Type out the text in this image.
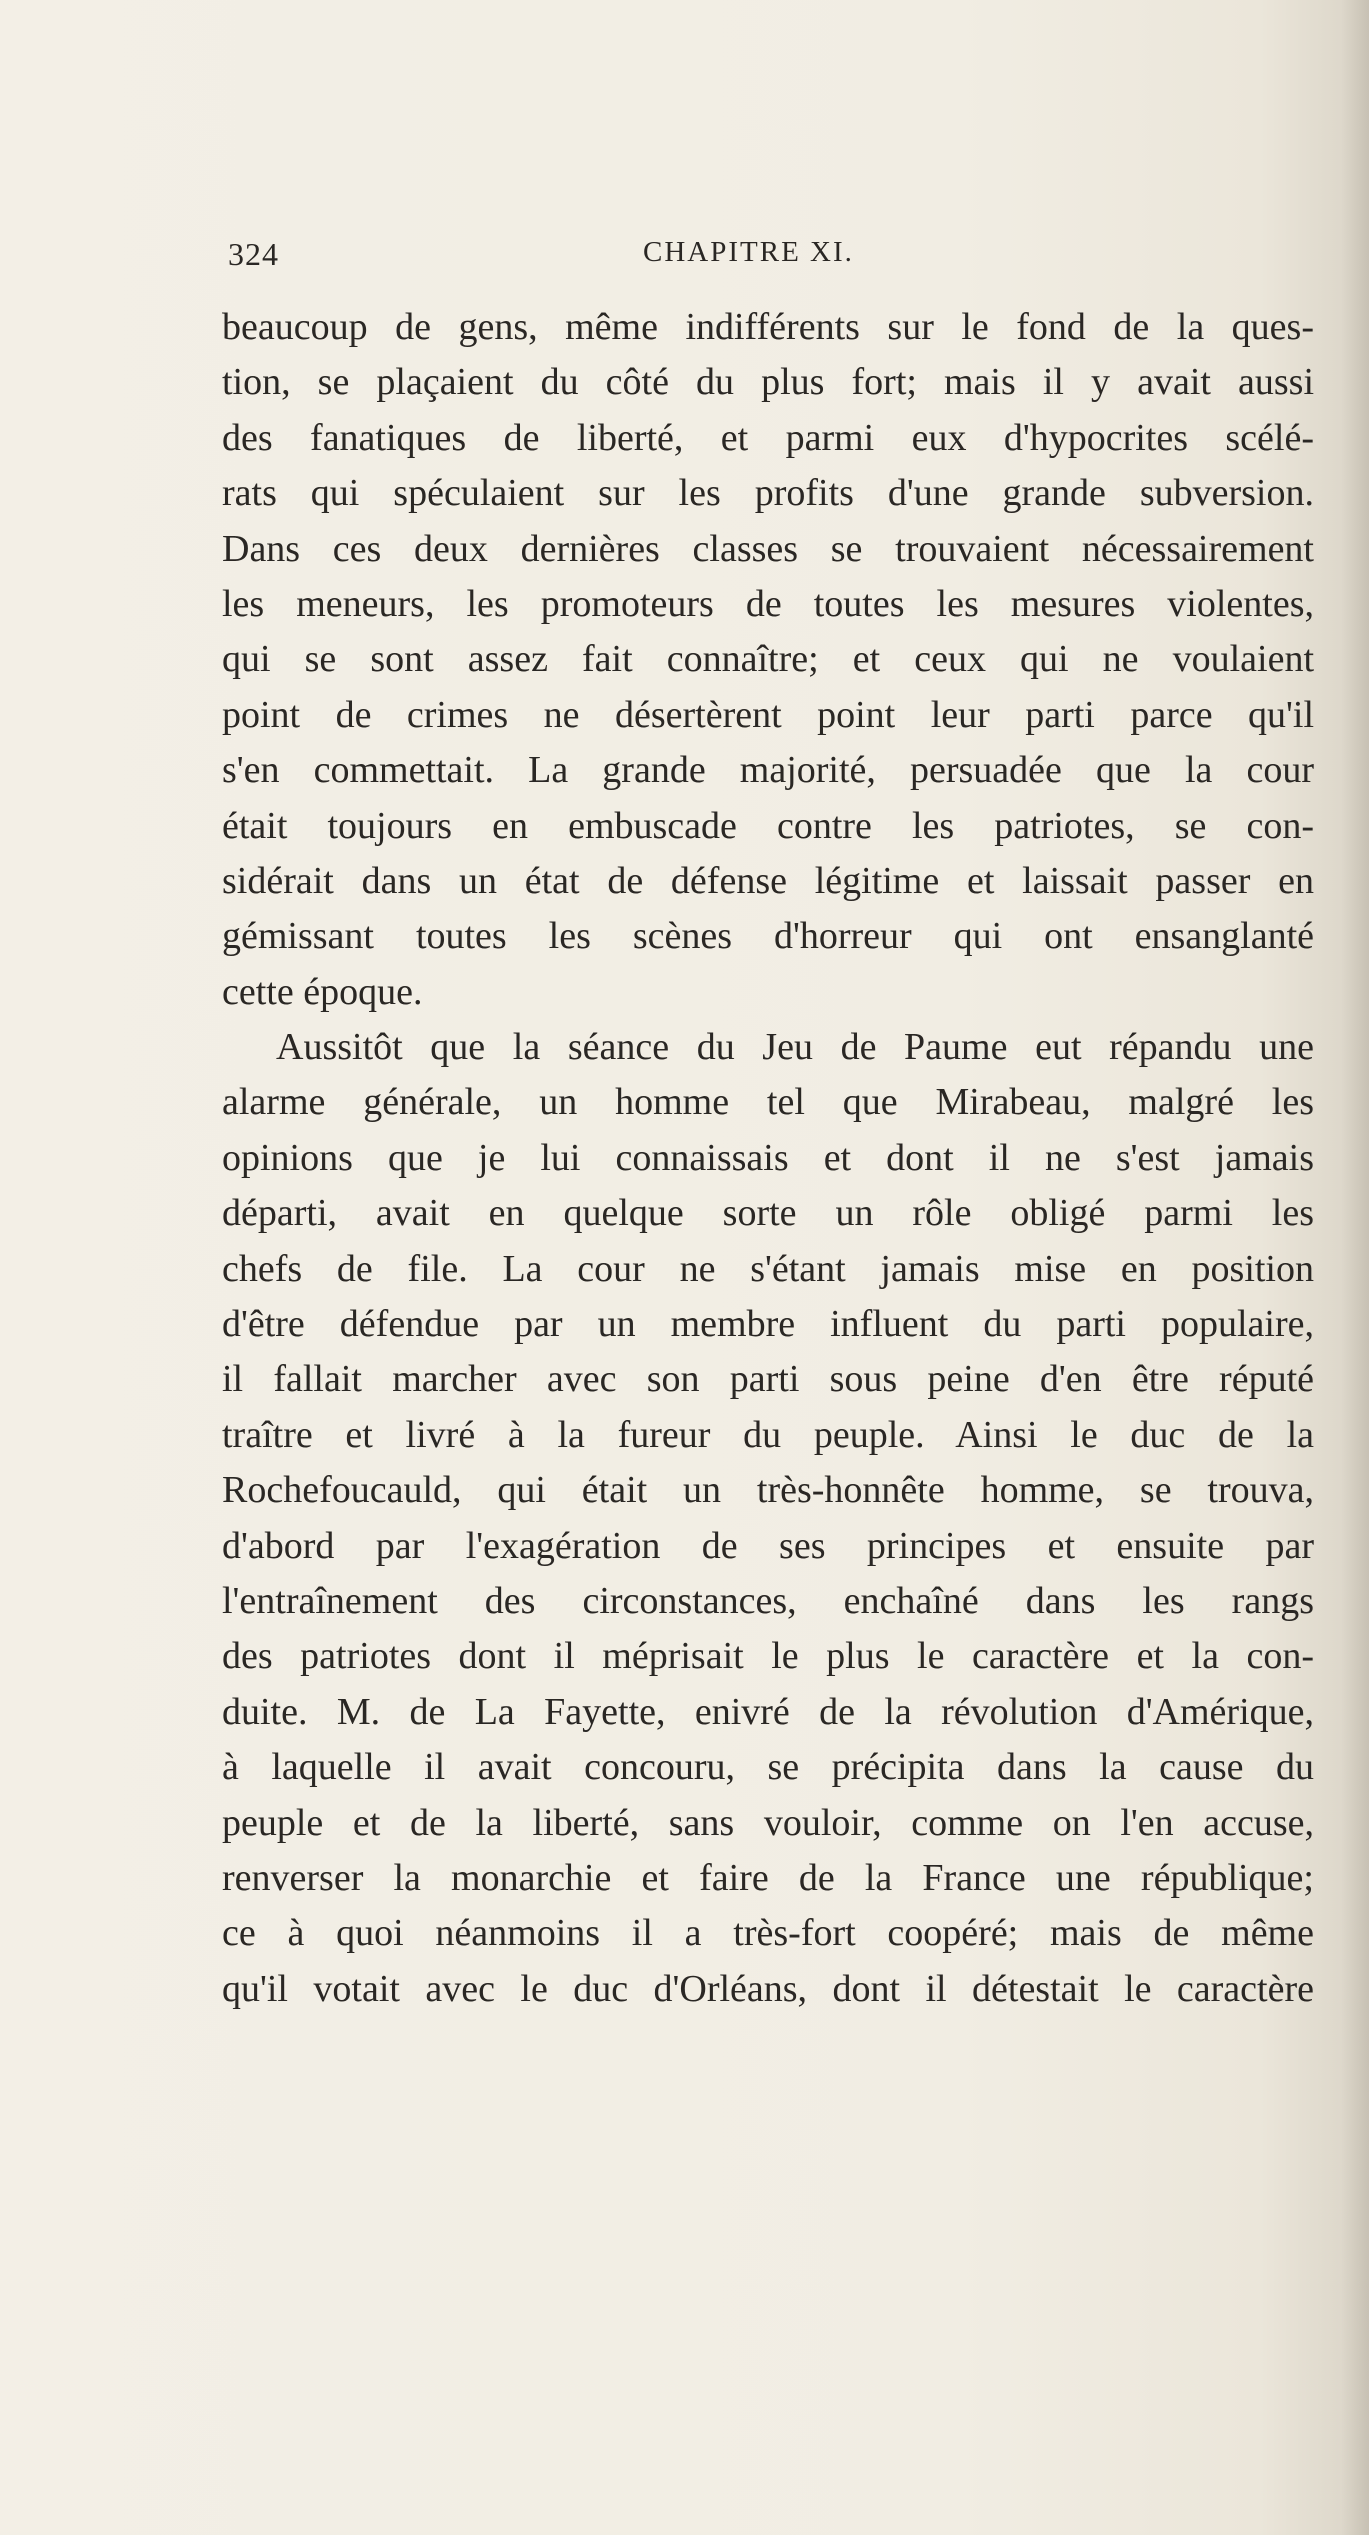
324	CHAPITRE XI.
beaucoup de gens, même indifférents sur le fond de la ques-
tion, se plaçaient du côté du plus fort; mais il y avait aussi
des fanatiques de liberté, et parmi eux d'hypocrites scélé-
rats qui spéculaient sur les profits d'une grande subversion.
Dans ces deux dernières classes se trouvaient nécessairement
les meneurs, les promoteurs de toutes les mesures violentes,
qui se sont assez fait connaître; et ceux qui ne voulaient
point de crimes ne désertèrent point leur parti parce qu'il
s'en commettait. La grande majorité, persuadée que la cour
était toujours en embuscade contre les patriotes, se con-
sidérait dans un état de défense légitime et laissait passer en
gémissant toutes les scènes d'horreur qui ont ensanglanté
cette époque.
Aussitôt que la séance du Jeu de Paume eut répandu une
alarme générale, un homme tel que Mirabeau, malgré les
opinions que je lui connaissais et dont il ne s'est jamais
départi, avait en quelque sorte un rôle obligé parmi les
chefs de file. La cour ne s'étant jamais mise en position
d'être défendue par un membre influent du parti populaire,
il fallait marcher avec son parti sous peine d'en être réputé
traître et livré à la fureur du peuple. Ainsi le duc de la
Rochefoucauld, qui était un très-honnête homme, se trouva,
d'abord par l'exagération de ses principes et ensuite par
l'entraînement des circonstances, enchaîné dans les rangs
des patriotes dont il méprisait le plus le caractère et la con-
duite. M. de La Fayette, enivré de la révolution d'Amérique,
à laquelle il avait concouru, se précipita dans la cause du
peuple et de la liberté, sans vouloir, comme on l'en accuse,
renverser la monarchie et faire de la France une république;
ce à quoi néanmoins il a très-fort coopéré; mais de même
qu'il votait avec le duc d'Orléans, dont il détestait le caractère
